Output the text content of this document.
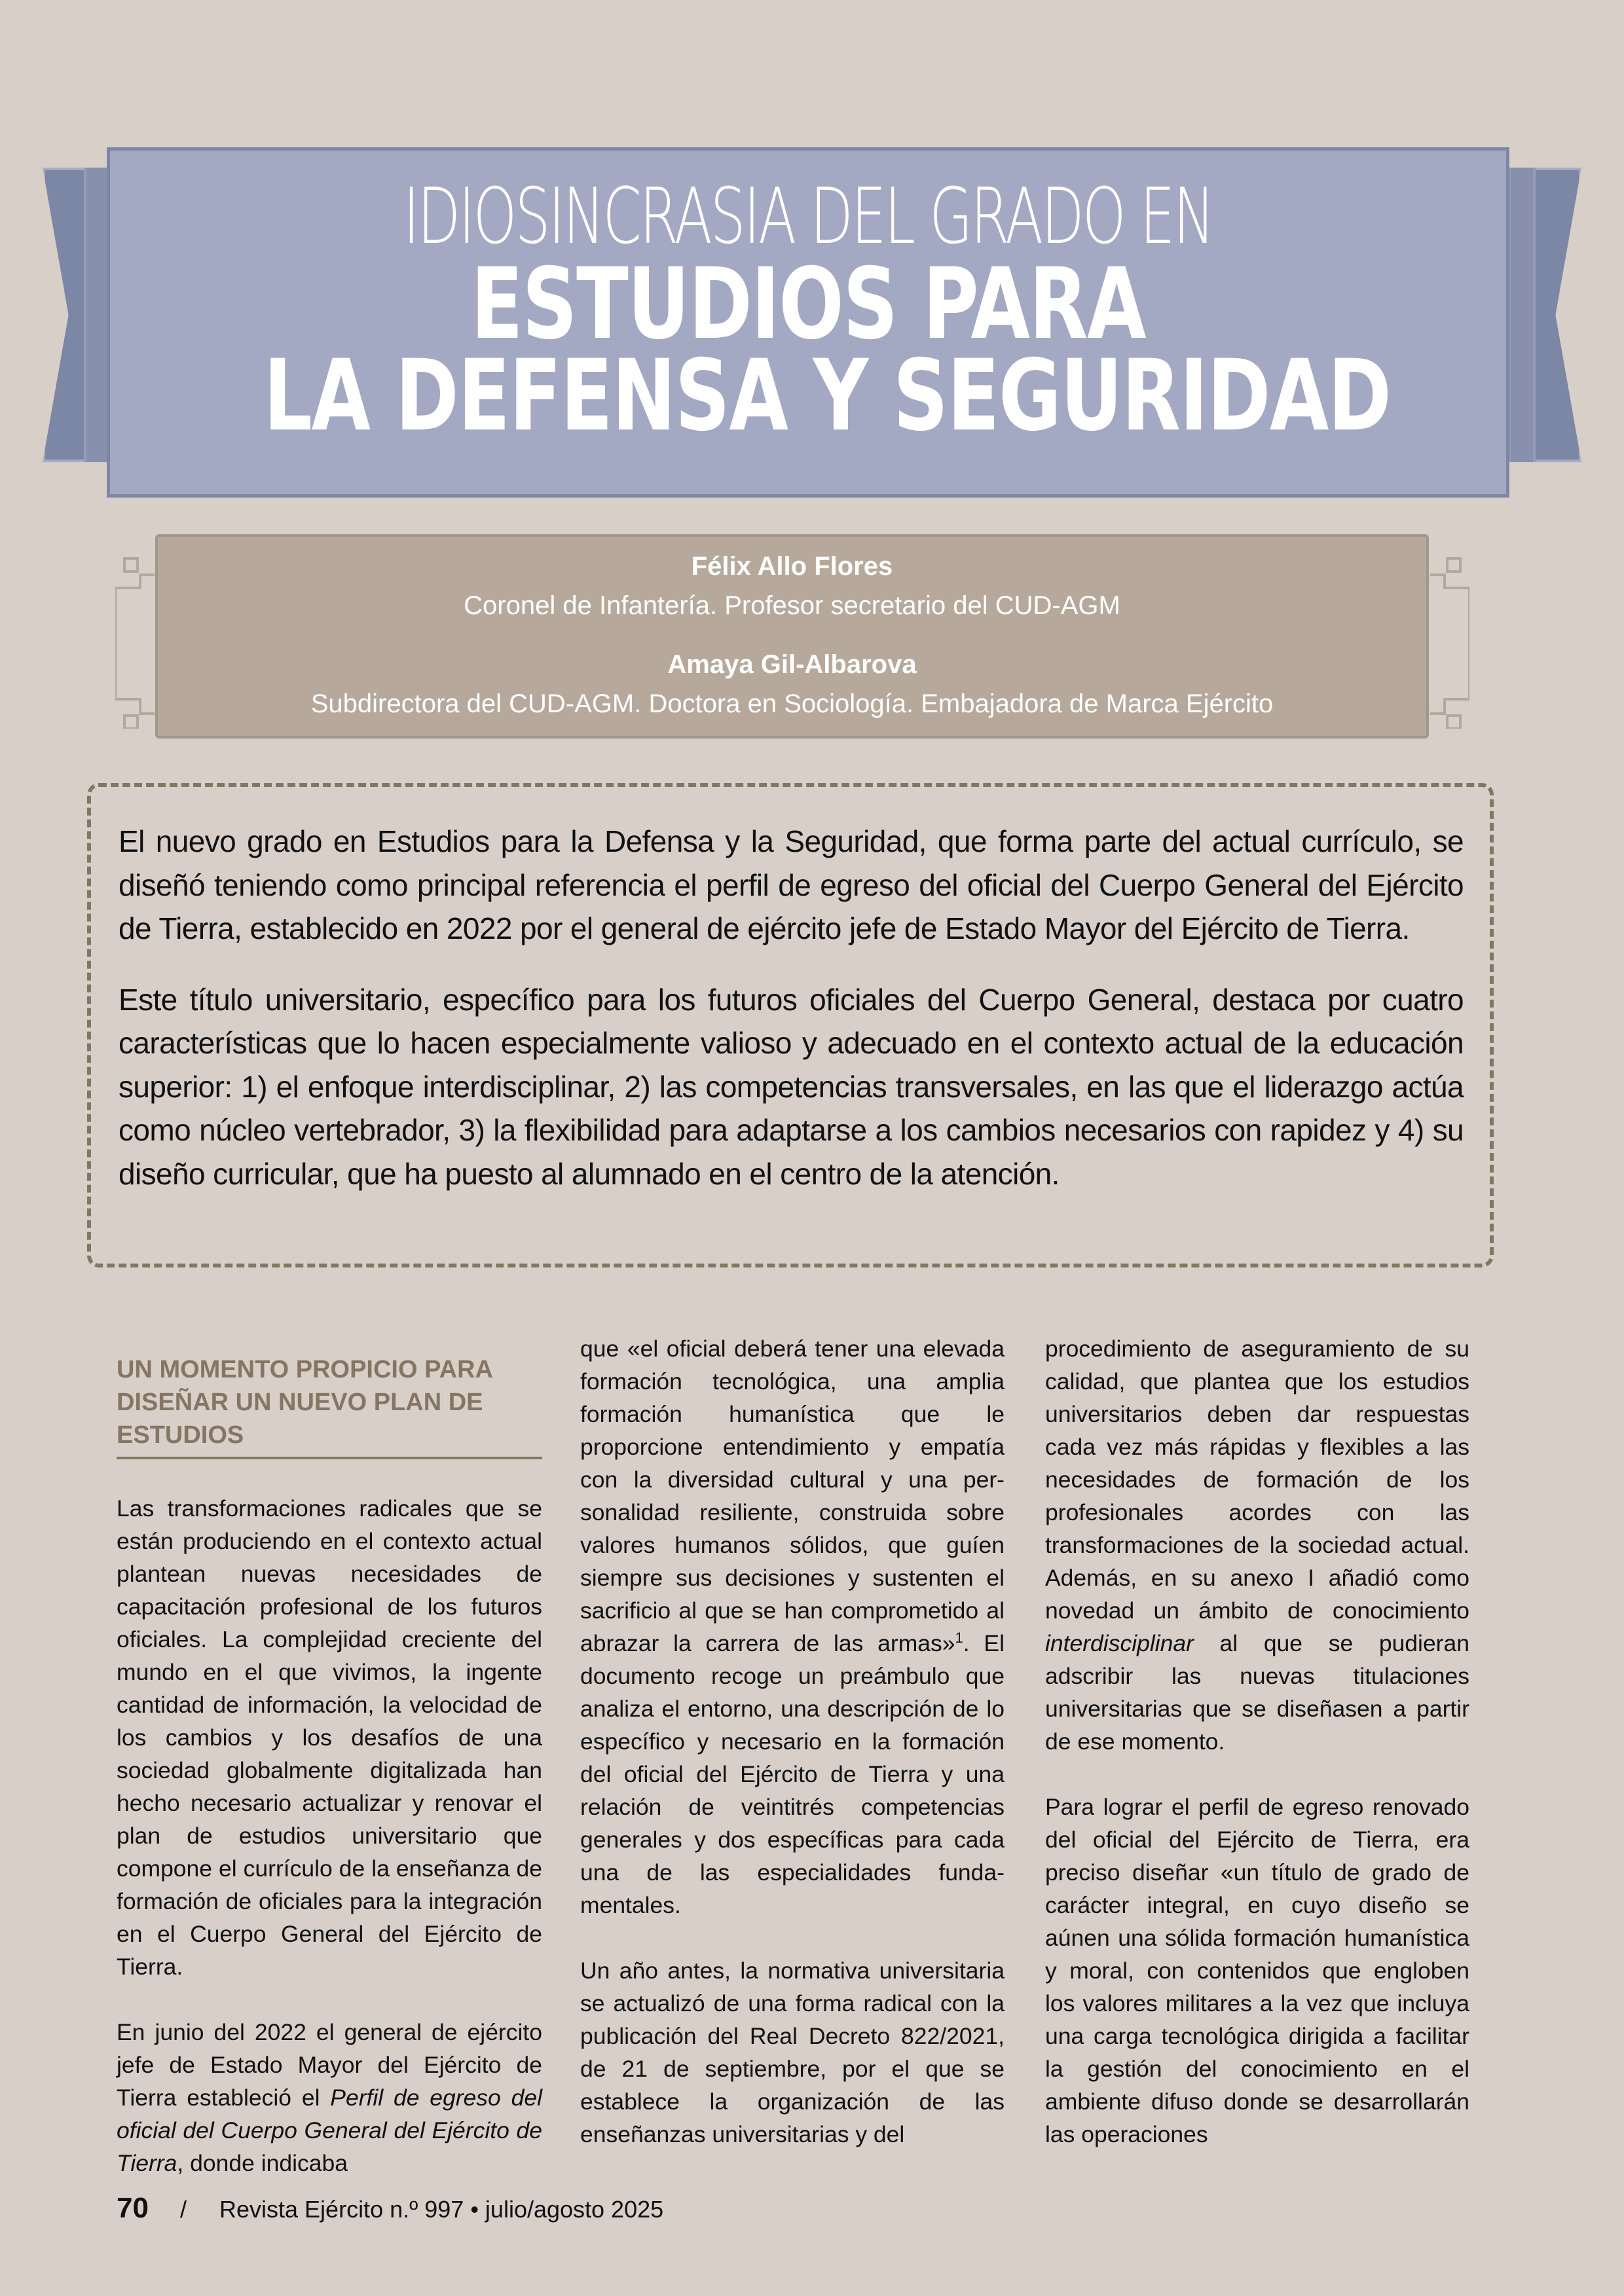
IDIOSINCRASIA DEL GRADO EN
ESTUDIOS PARA
LA DEFENSA Y SEGURIDAD
Félix Allo Flores
Coronel de Infantería. Profesor secretario del CUD-AGM
Amaya Gil-Albarova
Subdirectora del CUD-AGM. Doctora en Sociología. Embajadora de Marca Ejército

El nuevo grado en Estudios para la Defensa y la Seguridad, que forma parte del actual currículo, se diseñó teniendo como principal referencia el perfil de egreso del oficial del Cuerpo General del Ejército de Tierra, establecido en 2022 por el general de ejército jefe de Estado Mayor del Ejército de Tierra.

Este título universitario, específico para los futuros oficiales del Cuerpo General, destaca por cuatro características que lo hacen especialmente valioso y adecuado en el contexto actual de la educación superior: 1) el enfoque interdisciplinar, 2) las competencias transversales, en las que el liderazgo actúa como núcleo vertebrador, 3) la flexibilidad para adaptarse a los cambios necesarios con rapidez y 4) su diseño curricular, que ha puesto al alumnado en el centro de la atención.

UN MOMENTO PROPICIO PARA DISEÑAR UN NUEVO PLAN DE ESTUDIOS

Las transformaciones radicales que se están produciendo en el contexto actual plantean nuevas necesidades de capacitación profesional de los futuros oficiales. La complejidad creciente del mundo en el que vivimos, la ingente cantidad de información, la velocidad de los cambios y los desafíos de una sociedad globalmente digitalizada han hecho necesario actualizar y renovar el plan de estudios universitario que compone el currículo de la enseñanza de formación de oficiales para la integración en el Cuerpo General del Ejército de Tierra.

En junio del 2022 el general de ejército jefe de Estado Mayor del Ejército de Tierra estableció el Perfil de egreso del oficial del Cuerpo General del Ejército de Tierra, donde indicaba

que «el oficial deberá tener una elevada formación tecnológica, una amplia formación humanística que le proporcione entendimiento y empatía con la diversidad cultural y una personalidad resiliente, construida sobre valores humanos sólidos, que guíen siempre sus decisiones y sustenten el sacrificio al que se han comprometido al abrazar la carrera de las armas»$^1$. El documento recoge un preámbulo que analiza el entorno, una descripción de lo específico y necesario en la formación del oficial del Ejército de Tierra y una relación de veintitrés competencias generales y dos específicas para cada una de las especialidades fundamentales.

Un año antes, la normativa universitaria se actualizó de una forma radical con la publicación del Real Decreto 822/2021, de 21 de septiembre, por el que se establece la organización de las enseñanzas universitarias y del

procedimiento de aseguramiento de su calidad, que plantea que los estudios universitarios deben dar respuestas cada vez más rápidas y flexibles a las necesidades de formación de los profesionales acordes con las transformaciones de la sociedad actual. Además, en su anexo I añadió como novedad un ámbito de conocimiento interdisciplinar al que se pudieran adscribir las nuevas titulaciones universitarias que se diseñasen a partir de ese momento.

Para lograr el perfil de egreso renovado del oficial del Ejército de Tierra, era preciso diseñar «un título de grado de carácter integral, en cuyo diseño se aúnen una sólida formación humanística y moral, con contenidos que engloben los valores militares a la vez que incluya una carga tecnológica dirigida a facilitar la gestión del conocimiento en el ambiente difuso donde se desarrollarán las operaciones

70 / Revista Ejército n.º 997 • julio/agosto 2025
